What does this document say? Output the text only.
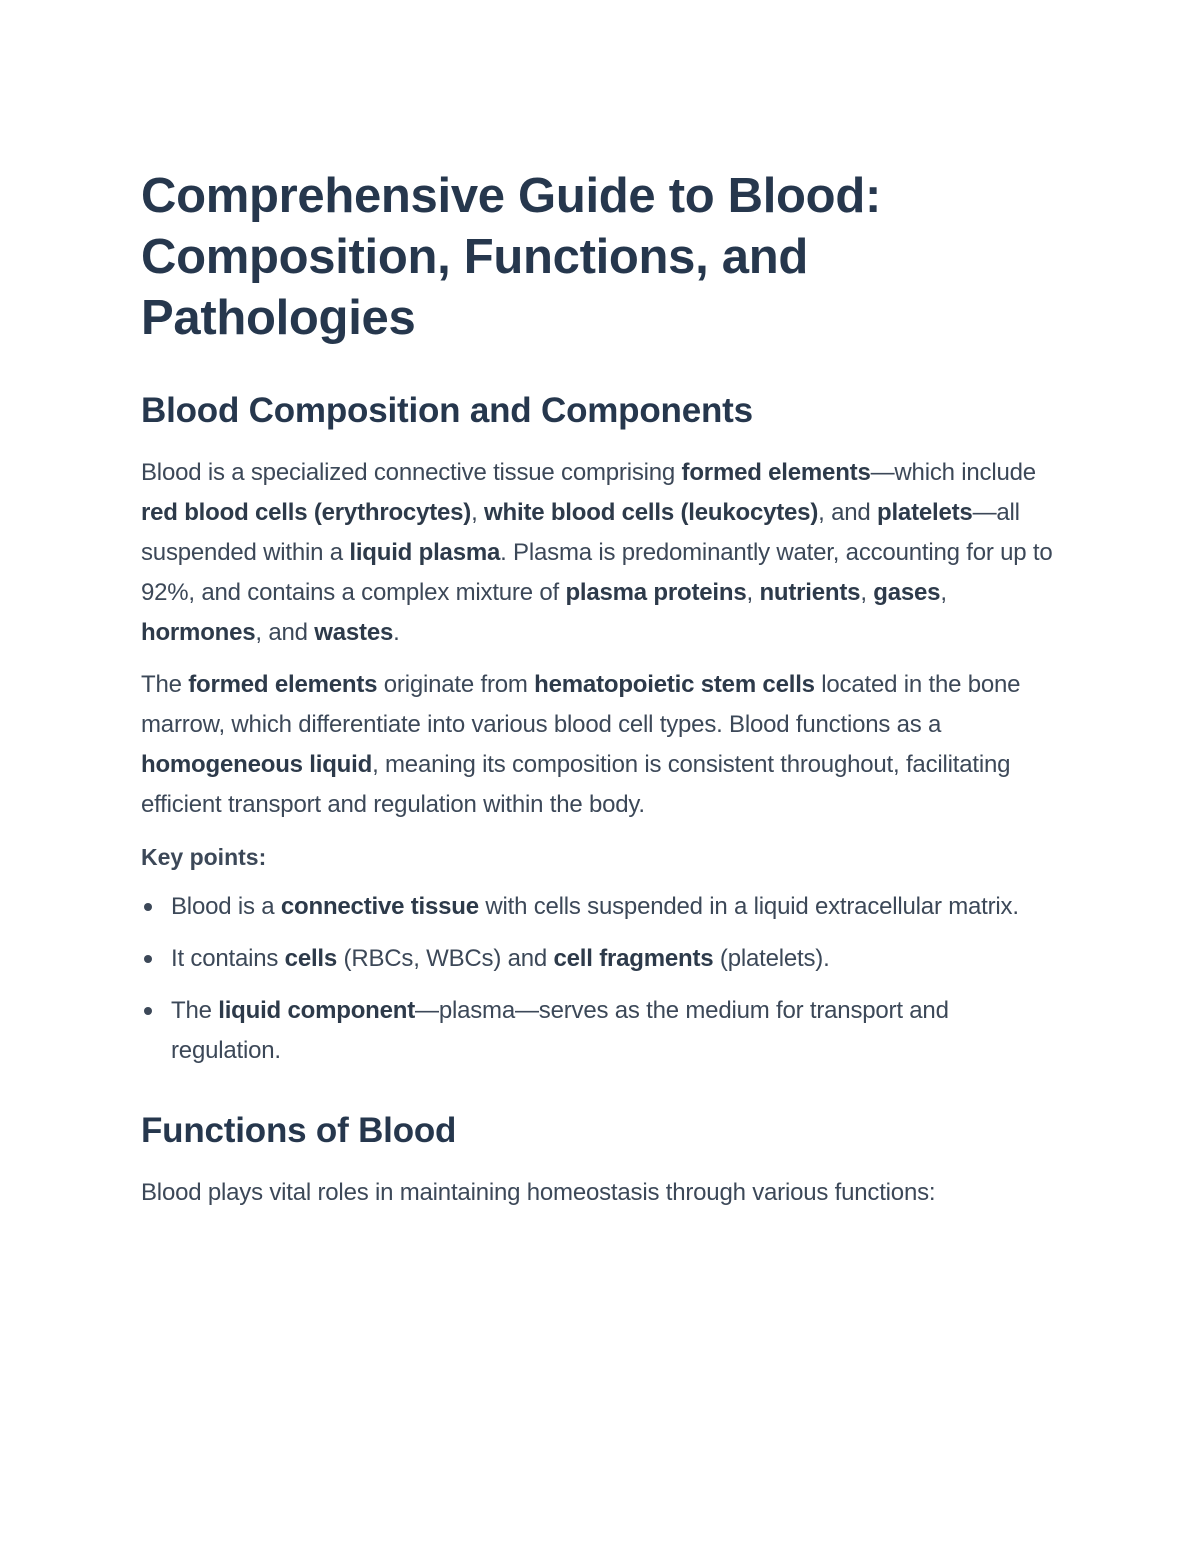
Comprehensive Guide to Blood: Composition, Functions, and Pathologies
Blood Composition and Components

Blood is a specialized connective tissue comprising formed elements—which include red blood cells (erythrocytes), white blood cells (leukocytes), and platelets—all suspended within a liquid plasma. Plasma is predominantly water, accounting for up to 92%, and contains a complex mixture of plasma proteins, nutrients, gases, hormones, and wastes.

The formed elements originate from hematopoietic stem cells located in the bone marrow, which differentiate into various blood cell types. Blood functions as a homogeneous liquid, meaning its composition is consistent throughout, facilitating efficient transport and regulation within the body.

Key points:
Blood is a connective tissue with cells suspended in a liquid extracellular matrix.
It contains cells (RBCs, WBCs) and cell fragments (platelets).
The liquid component—plasma—serves as the medium for transport and regulation.
Functions of Blood

Blood plays vital roles in maintaining homeostasis through various functions:
